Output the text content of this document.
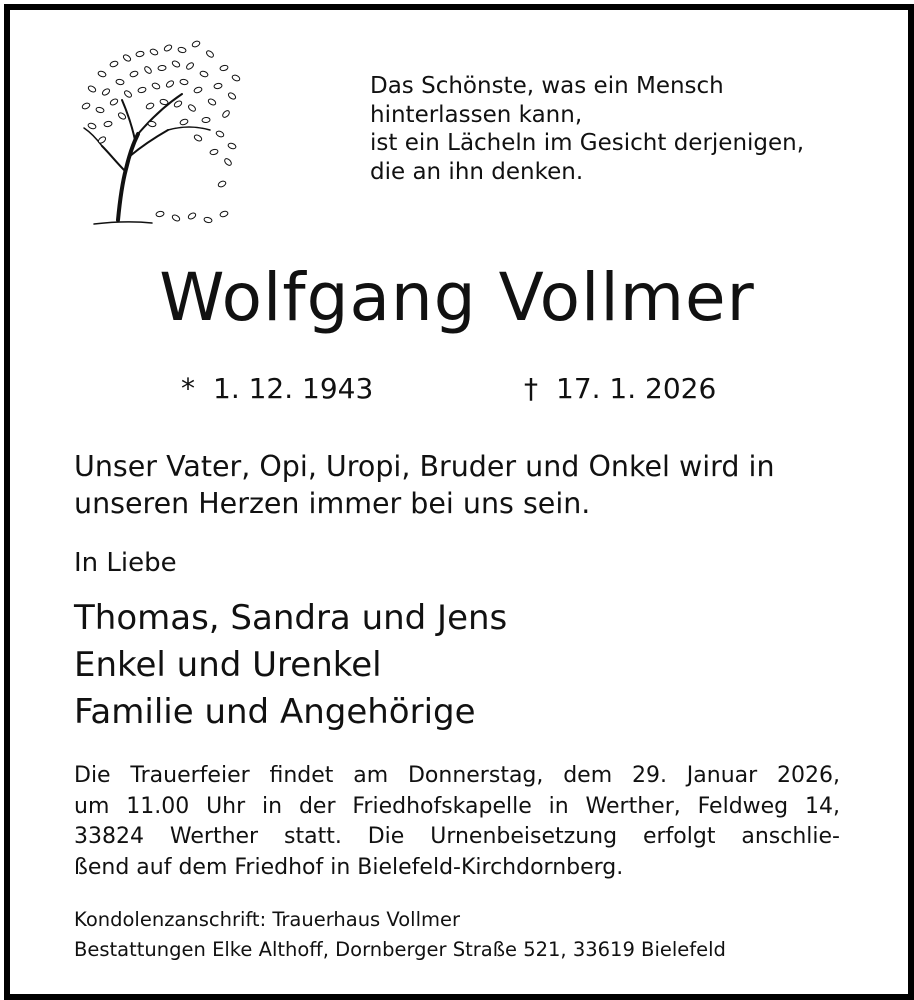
Das Schönste, was ein Mensch
hinterlassen kann,
ist ein Lächeln im Gesicht derjenigen,
die an ihn denken.
Wolfgang Vollmer
* 1. 12. 1943	† 17. 1. 2026
Unser Vater, Opi, Uropi, Bruder und Onkel wird in
unseren Herzen immer bei uns sein.
In Liebe
Thomas, Sandra und Jens
Enkel und Urenkel
Familie und Angehörige
Die Trauerfeier findet am Donnerstag, dem 29. Januar 2026,
um 11.00 Uhr in der Friedhofskapelle in Werther, Feldweg 14,
33824 Werther statt. Die Urnenbeisetzung erfolgt anschlie-
ßend auf dem Friedhof in Bielefeld-Kirchdornberg.
Kondolenzanschrift: Trauerhaus Vollmer
Bestattungen Elke Althoff, Dornberger Straße 521, 33619 Bielefeld
